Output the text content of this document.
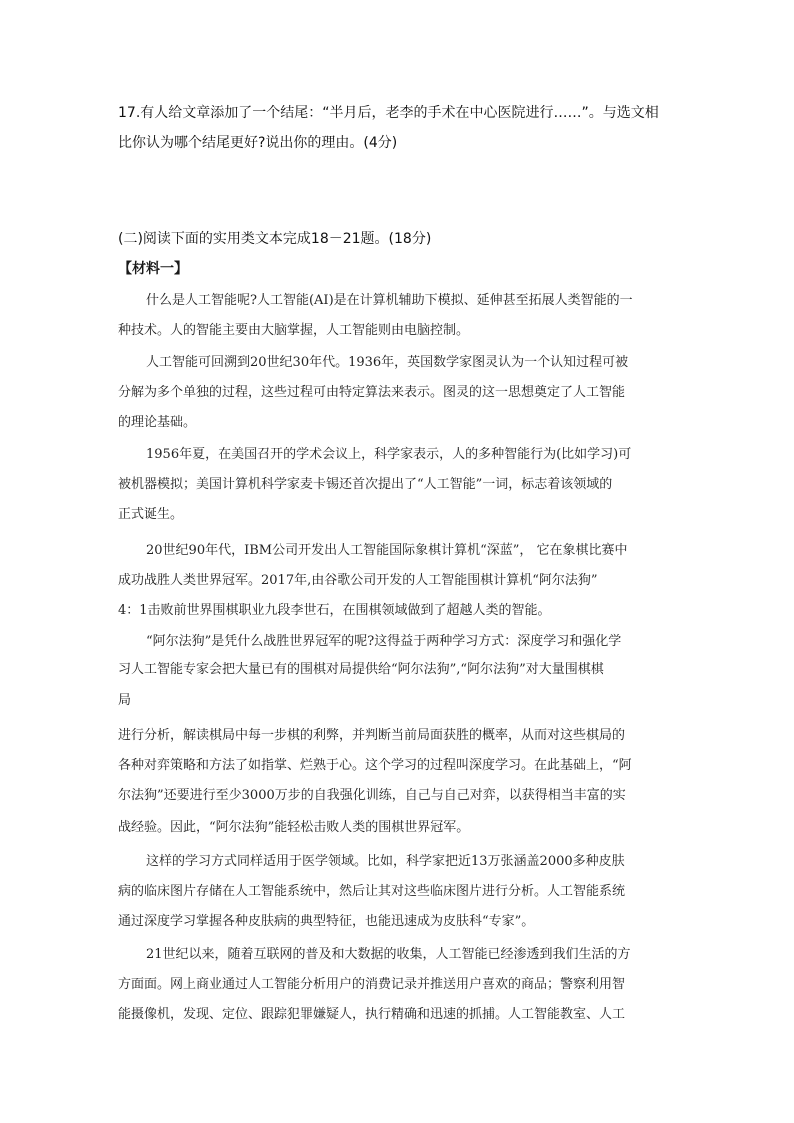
17.有人给文章添加了一个结尾：“半月后，老李的手术在中心医院进行……”。与选文相
比你认为哪个结尾更好?说出你的理由。(4分)
(二)阅读下面的实用类文本完成18－21题。(18分)
【材料一】
什么是人工智能呢?人工智能(AI)是在计算机辅助下模拟、延伸甚至拓展人类智能的一
种技术。人的智能主要由大脑掌握，人工智能则由电脑控制。
人工智能可回溯到20世纪30年代。1936年，英国数学家图灵认为一个认知过程可被
分解为多个单独的过程，这些过程可由特定算法来表示。图灵的这一思想奠定了人工智能
的理论基础。
1956年夏，在美国召开的学术会议上，科学家表示，人的多种智能行为(比如学习)可
被机器模拟；美国计算机科学家麦卡锡还首次提出了“人工智能”一词，标志着该领域的
正式诞生。
20世纪90年代，IBM公司开发出人工智能国际象棋计算机“深蓝”， 它在象棋比赛中
成功战胜人类世界冠军。2017年,由谷歌公司开发的人工智能围棋计算机“阿尔法狗”
4：1击败前世界围棋职业九段李世石，在围棋领域做到了超越人类的智能。
“阿尔法狗”是凭什么战胜世界冠军的呢?这得益于两种学习方式：深度学习和强化学
习人工智能专家会把大量已有的围棋对局提供给“阿尔法狗”,“阿尔法狗”对大量围棋棋
局
进行分析，解读棋局中每一步棋的利弊，并判断当前局面获胜的概率，从而对这些棋局的
各种对弈策略和方法了如指掌、烂熟于心。这个学习的过程叫深度学习。在此基础上，“阿
尔法狗”还要进行至少3000万步的自我强化训练，自己与自己对弈，以获得相当丰富的实
战经验。因此，“阿尔法狗”能轻松击败人类的围棋世界冠军。
这样的学习方式同样适用于医学领域。比如，科学家把近13万张涵盖2000多种皮肤
病的临床图片存储在人工智能系统中，然后让其对这些临床图片进行分析。人工智能系统
通过深度学习掌握各种皮肤病的典型特征，也能迅速成为皮肤科“专家”。
21世纪以来，随着互联网的普及和大数据的收集，人工智能已经渗透到我们生活的方
方面面。网上商业通过人工智能分析用户的消费记录并推送用户喜欢的商品；警察利用智
能摄像机，发现、定位、跟踪犯罪嫌疑人，执行精确和迅速的抓捕。人工智能教室、人工
